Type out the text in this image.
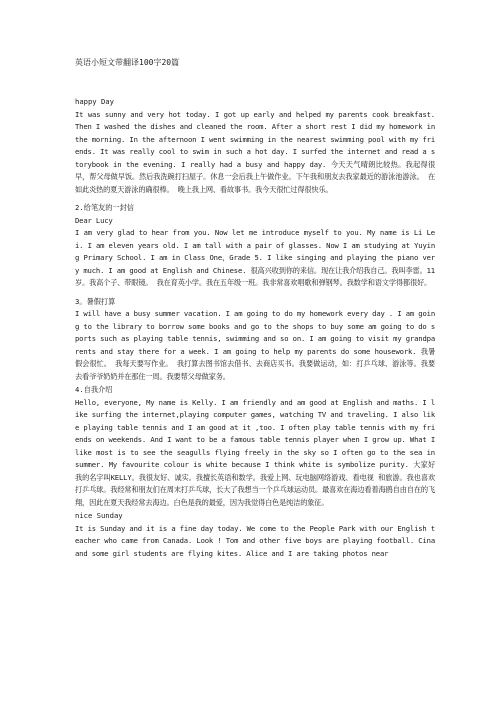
英语小短文带翻译100字20篇
happy Day

It was sunny and very hot today. I got up early and helped my parents cook breakfast. Then I washed the dishes and cleaned the room. After a short rest I did my homework in the morning. In the afternoon I went swimming in the nearest swimming pool with my friends. It was really cool to swim in such a hot day. I surfed the internet and read a storybook in the evening. I really had a busy and happy day. 今天天气晴朗比较热。我起得很早，帮父母做早饭。然后我洗碗打扫屋子。休息一会后我上午做作业。下午我和朋友去我家最近的游泳池游泳。 在如此炎热的夏天游泳的确很棒。 晚上我上网、看故事书。我今天很忙过得很快乐。

2.给笔友的一封信

Dear Lucy
I am very glad to hear from you. Now let me introduce myself to you. My name is Li Lei. I am eleven years old. I am tall with a pair of glasses. Now I am studying at Yuying Primary School. I am in Class One，Grade 5. I like singing and playing the piano very much. I am good at English and Chinese. 很高兴收到你的来信。现在让我介绍我自己。我叫李雷。11岁。我高个子、带眼镜。 我在育英小学。我在五年级一班。我非常喜欢唱歌和弹钢琴。我数学和语文学得都很好。

3。暑假打算

I will have a busy summer vacation. I am going to do my homework every day . I am going to the library to borrow some books and go to the shops to buy some am going to do sports such as playing table tennis, swimming and so on. I am going to visit my grandparents and stay there for a week. I am going to help my parents do some housework. 我暑假会很忙。 我每天要写作业。 我打算去图书馆去借书、去商店买书。我要做运动，如：打乒乓球、游泳等。我要去看爷爷奶奶并在那住一周。我要帮父母做家务。

4.自我介绍

Hello, everyone, My name is Kelly. I am friendly and am good at English and maths. I like surfing the internet,playing computer games, watching TV and traveling. I also like playing table tennis and I am good at it ,too. I often play table tennis with my friends on weekends. And I want to be a famous table tennis player when I grow up. What I like most is to see the seagulls flying freely in the sky so I often go to the sea in summer. My favourite colour is white because I think white is symbolize purity. 大家好 我的名字叫KELLY。我很友好、诚实。我擅长英语和数学。我爱上网、玩电脑网络游戏、看电视 和旅游。我也喜欢打乒乓球。我经常和朋友们在周末打乒乓球，长大了我想当一个乒乓球运动员。最喜欢在海边看着海鸥自由自在的飞翔，因此在夏天我经常去海边。白色是我的最爱，因为我觉得白色是纯洁的象征。

nice Sunday

It is Sunday and it is a fine day today. We come to the People Park with our English teacher who came from Canada. Look ! Tom and other five boys are playing football. Cina and some girl students are flying kites. Alice and I are taking photos near
